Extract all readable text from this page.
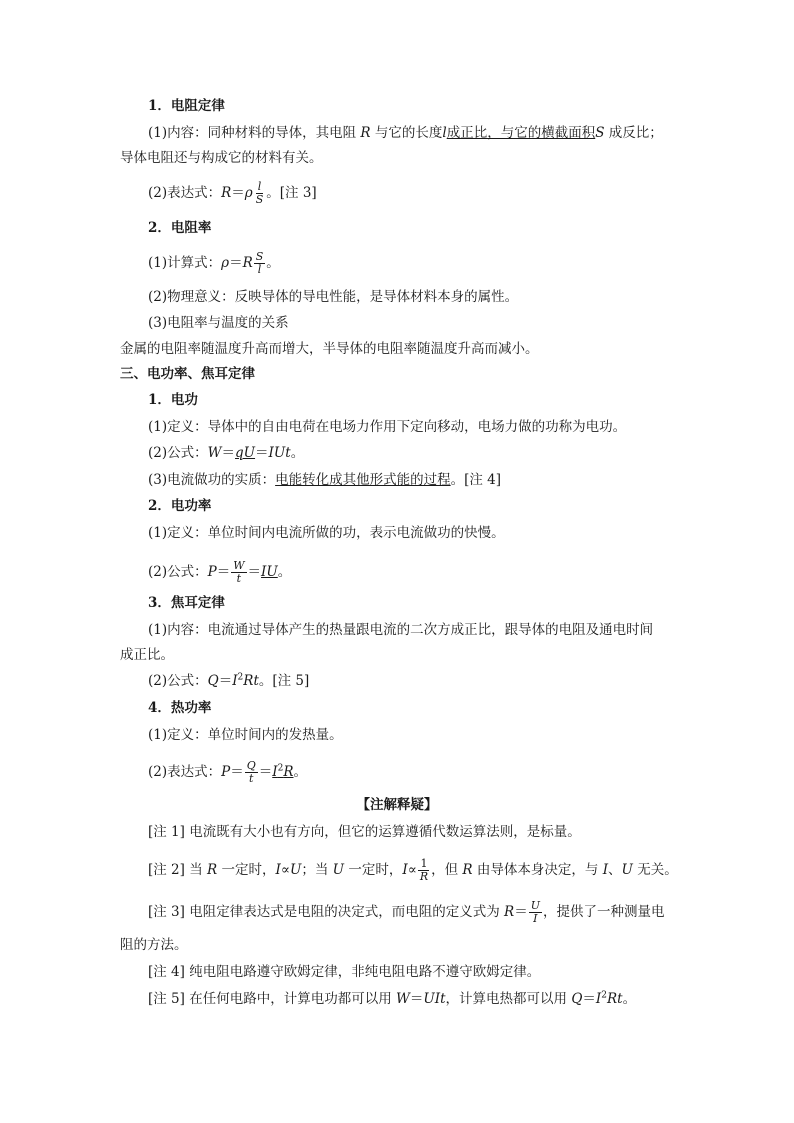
1．电阻定律
(1)内容：同种材料的导体，其电阻 R 与它的长度l成正比，与它的横截面积S 成反比；
导体电阻还与构成它的材料有关。
(2)表达式：$R=\rho \frac{l}{S}$ 。[注 3]
2．电阻率
(1)计算式：$\rho=R \frac{S}{l}$ 。
(2)物理意义：反映导体的导电性能，是导体材料本身的属性。
(3)电阻率与温度的关系
金属的电阻率随温度升高而增大，半导体的电阻率随温度升高而减小。
三、电功率、焦耳定律
1．电功
(1)定义：导体中的自由电荷在电场力作用下定向移动，电场力做的功称为电功。
(2)公式：W＝qU＝IUt。
(3)电流做功的实质：电能转化成其他形式能的过程。[注 4]
2．电功率
(1)定义：单位时间内电流所做的功，表示电流做功的快慢。
(2)公式：$P= \frac{W}{t} =IU$。
3．焦耳定律
(1)内容：电流通过导体产生的热量跟电流的二次方成正比，跟导体的电阻及通电时间
成正比。
(2)公式：$Q=I^2Rt$。[注 5]
4．热功率
(1)定义：单位时间内的发热量。
(2)表达式：$P= \frac{Q}{t} =I^2R$。
【注解释疑】
[注 1] 电流既有大小也有方向，但它的运算遵循代数运算法则，是标量。
[注 2] 当 R 一定时，I∝U；当 U 一定时，$I\propto \frac{1}{R}$ ，但 R 由导体本身决定，与 I、U 无关。
[注 3] 电阻定律表达式是电阻的决定式，而电阻的定义式为 $R= \frac{U}{I}$ ，提供了一种测量电
阻的方法。
[注 4] 纯电阻电路遵守欧姆定律，非纯电阻电路不遵守欧姆定律。
[注 5] 在任何电路中，计算电功都可以用 W＝UIt，计算电热都可以用 $Q=I^2Rt$。
